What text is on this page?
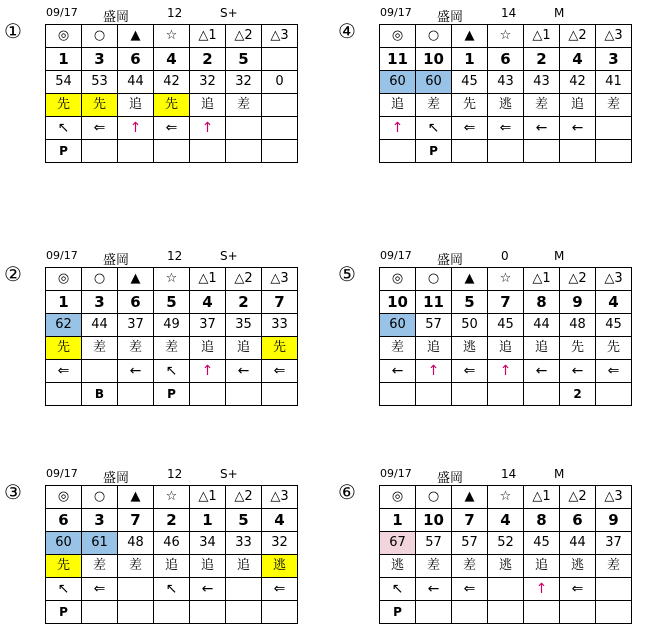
①
09/17 盛岡	12	S+
◎	○	▲	☆	△1	△2	△3
1	3	6	4	2	5	
54	53	44	42	32	32	0
先	先	追	先	追	差	
↖	⇐	↑	⇐	↑		
P						
④
09/17 盛岡	14	M
◎	○	▲	☆	△1	△2	△3
11	10	1	6	2	4	3
60	60	45	43	43	42	41
追	差	先	逃	差	追	差
↑	↖	⇐	⇐	←	←	
	P					
②
09/17 盛岡	12	S+
◎	○	▲	☆	△1	△2	△3
1	3	6	5	4	2	7
62	44	37	49	37	35	33
先	差	差	差	追	追	先
⇐		←	↖	↑	←	⇐
	B		P			
⑤
09/17 盛岡	0	M
◎	○	▲	☆	△1	△2	△3
10	11	5	7	8	9	4
60	57	50	45	44	48	45
差	追	逃	追	追	先	先
←	↑	⇐	↑	←	←	⇐
					2	
③
09/17 盛岡	12	S+
◎	○	▲	☆	△1	△2	△3
6	3	7	2	1	5	4
60	61	48	46	34	33	32
先	差	差	追	追	追	逃
↖	⇐		↖	←		⇐
P						
⑥
09/17 盛岡	14	M
◎	○	▲	☆	△1	△2	△3
1	10	7	4	8	6	9
67	57	57	52	45	44	37
逃	差	差	逃	追	逃	差
↖	←	⇐		↑	⇐	
P						
